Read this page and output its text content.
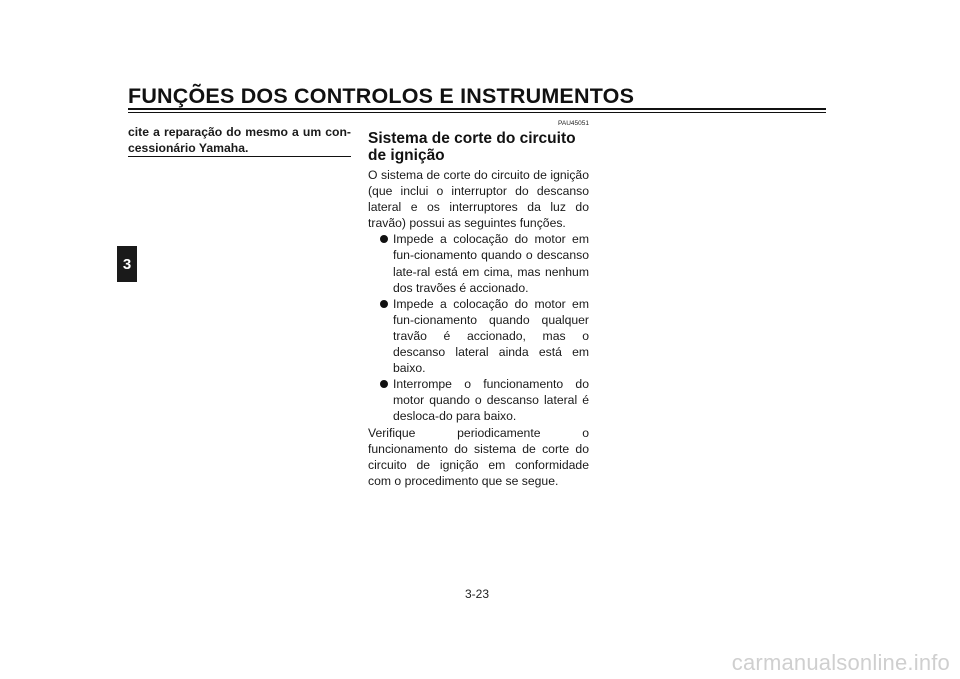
FUNÇÕES DOS CONTROLOS E INSTRUMENTOS
3
cite a reparação do mesmo a um con-cessionário Yamaha.
PAU45051
Sistema de corte do circuito de ignição

O sistema de corte do circuito de ignição (que inclui o interruptor do descanso lateral e os interruptores da luz do travão) possui as seguintes funções.

Impede a colocação do motor em fun-cionamento quando o descanso late-ral está em cima, mas nenhum dos travões é accionado.
Impede a colocação do motor em fun-cionamento quando qualquer travão é accionado, mas o descanso lateral ainda está em baixo.
Interrompe o funcionamento do motor quando o descanso lateral é desloca-do para baixo.

Verifique periodicamente o funcionamento do sistema de corte do circuito de ignição em conformidade com o procedimento que se segue.

3-23
carmanualsonline.info
